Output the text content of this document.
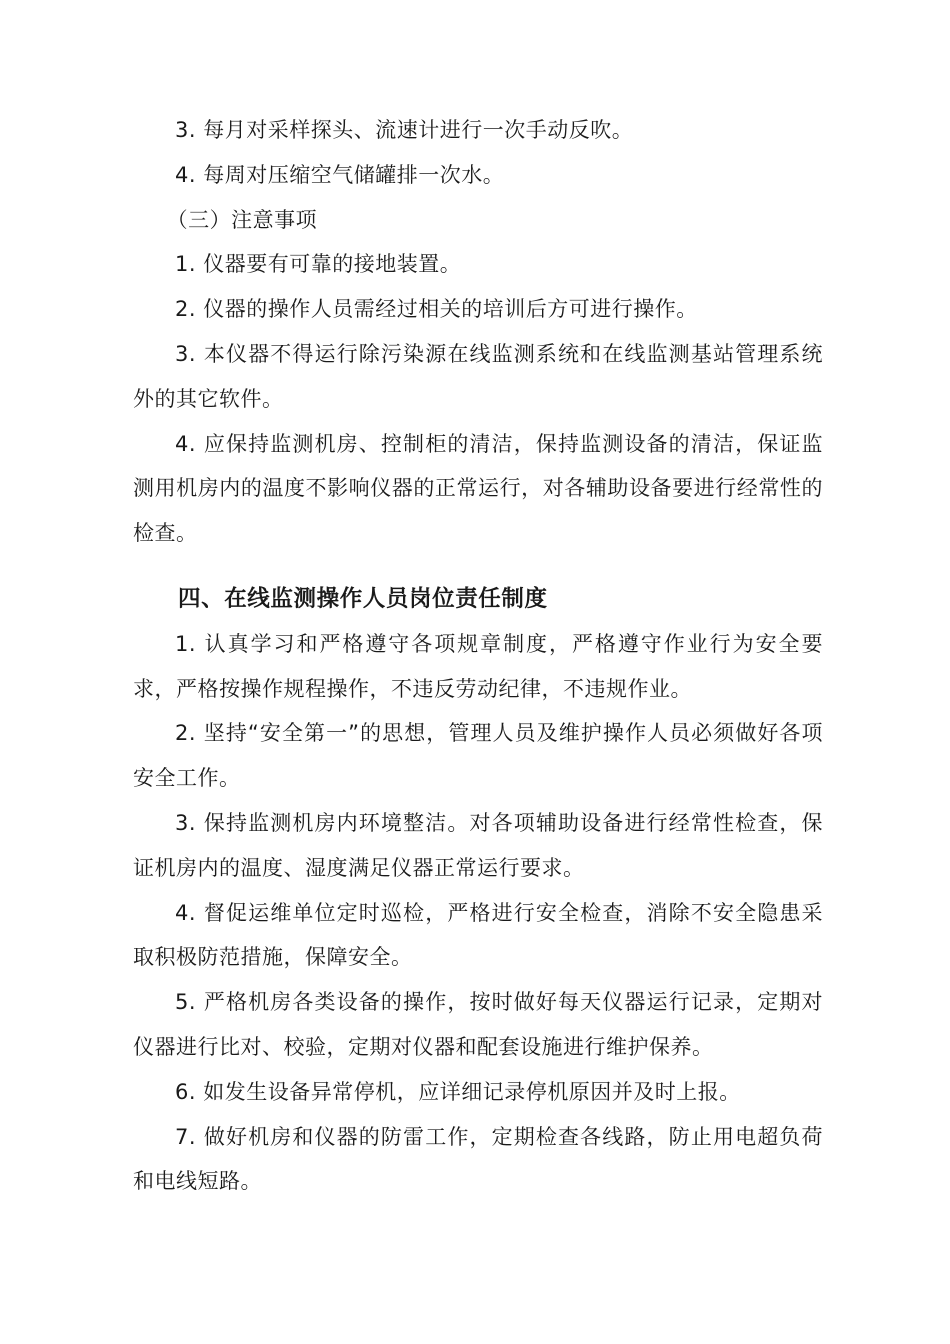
3. 每月对采样探头、流速计进行一次手动反吹。

4. 每周对压缩空气储罐排一次水。

（三）注意事项

1. 仪器要有可靠的接地装置。

2. 仪器的操作人员需经过相关的培训后方可进行操作。

3. 本仪器不得运行除污染源在线监测系统和在线监测基站管理系统外的其它软件。

4. 应保持监测机房、控制柜的清洁，保持监测设备的清洁，保证监测用机房内的温度不影响仪器的正常运行，对各辅助设备要进行经常性的检查。

四、在线监测操作人员岗位责任制度

1. 认真学习和严格遵守各项规章制度，严格遵守作业行为安全要求，严格按操作规程操作，不违反劳动纪律，不违规作业。

2. 坚持“安全第一”的思想，管理人员及维护操作人员必须做好各项安全工作。

3. 保持监测机房内环境整洁。对各项辅助设备进行经常性检查，保证机房内的温度、湿度满足仪器正常运行要求。

4. 督促运维单位定时巡检，严格进行安全检查，消除不安全隐患采取积极防范措施，保障安全。

5. 严格机房各类设备的操作，按时做好每天仪器运行记录，定期对仪器进行比对、校验，定期对仪器和配套设施进行维护保养。

6. 如发生设备异常停机，应详细记录停机原因并及时上报。

7. 做好机房和仪器的防雷工作，定期检查各线路，防止用电超负荷和电线短路。
